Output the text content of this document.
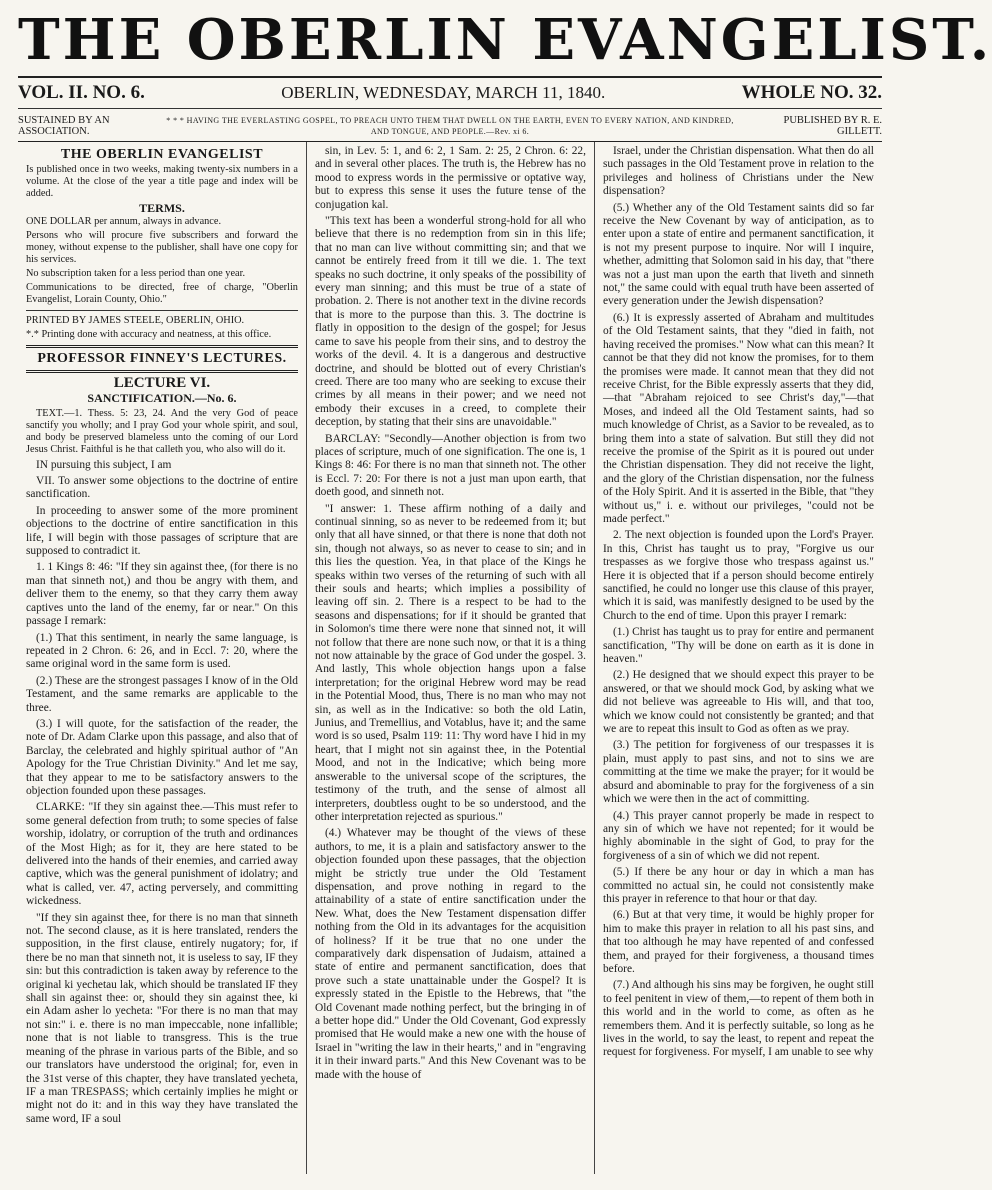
THE OBERLIN EVANGELIST.
VOL. II. NO. 6.	OBERLIN, WEDNESDAY, MARCH 11, 1840.	WHOLE NO. 32.
SUSTAINED BY AN ASSOCIATION.
* * * HAVING THE EVERLASTING GOSPEL, TO PREACH UNTO THEM THAT DWELL ON THE EARTH, EVEN TO EVERY NATION, AND KINDRED, AND TONGUE, AND PEOPLE.—Rev. xi 6.
PUBLISHED BY R. E. GILLETT.
THE OBERLIN EVANGELIST

Is published once in two weeks, making twenty-six numbers in a volume. At the close of the year a title page and index will be added.

TERMS.

ONE DOLLAR per annum, always in advance.

Persons who will procure five subscribers and forward the money, without expense to the publisher, shall have one copy for his services.

No subscription taken for a less period than one year.

Communications to be directed, free of charge, "Oberlin Evangelist, Lorain County, Ohio."

PRINTED BY JAMES STEELE, OBERLIN, OHIO.

*.* Printing done with accuracy and neatness, at this office.

PROFESSOR FINNEY'S LECTURES.
LECTURE VI.
SANCTIFICATION.—No. 6.

TEXT.—1. Thess. 5: 23, 24. And the very God of peace sanctify you wholly; and I pray God your whole spirit, and soul, and body be preserved blameless unto the coming of our Lord Jesus Christ. Faithful is he that calleth you, who also will do it.

IN pursuing this subject, I am

VII. To answer some objections to the doctrine of entire sanctification.

In proceeding to answer some of the more prominent objections to the doctrine of entire sanctification in this life, I will begin with those passages of scripture that are supposed to contradict it.

1. 1 Kings 8: 46: "If they sin against thee, (for there is no man that sinneth not,) and thou be angry with them, and deliver them to the enemy, so that they carry them away captives unto the land of the enemy, far or near." On this passage I remark:

(1.) That this sentiment, in nearly the same language, is repeated in 2 Chron. 6: 26, and in Eccl. 7: 20, where the same original word in the same form is used.

(2.) These are the strongest passages I know of in the Old Testament, and the same remarks are applicable to the three.

(3.) I will quote, for the satisfaction of the reader, the note of Dr. Adam Clarke upon this passage, and also that of Barclay, the celebrated and highly spiritual author of "An Apology for the True Christian Divinity." And let me say, that they appear to me to be satisfactory answers to the objection founded upon these passages.

CLARKE: "If they sin against thee.—This must refer to some general defection from truth; to some species of false worship, idolatry, or corruption of the truth and ordinances of the Most High; as for it, they are here stated to be delivered into the hands of their enemies, and carried away captive, which was the general punishment of idolatry; and what is called, ver. 47, acting perversely, and committing wickedness.

"If they sin against thee, for there is no man that sinneth not. The second clause, as it is here translated, renders the supposition, in the first clause, entirely nugatory; for, if there be no man that sinneth not, it is useless to say, IF they sin: but this contradiction is taken away by reference to the original ki yechetau lak, which should be translated IF they shall sin against thee: or, should they sin against thee, ki ein Adam asher lo yecheta: "For there is no man that may not sin:" i. e. there is no man impeccable, none infallible; none that is not liable to transgress. This is the true meaning of the phrase in various parts of the Bible, and so our translators have understood the original; for, even in the 31st verse of this chapter, they have translated yecheta, IF a man TRESPASS; which certainly implies he might or might not do it: and in this way they have translated the same word, IF a soul

sin, in Lev. 5: 1, and 6: 2, 1 Sam. 2: 25, 2 Chron. 6: 22, and in several other places. The truth is, the Hebrew has no mood to express words in the permissive or optative way, but to express this sense it uses the future tense of the conjugation kal.

"This text has been a wonderful strong-hold for all who believe that there is no redemption from sin in this life; that no man can live without committing sin; and that we cannot be entirely freed from it till we die. 1. The text speaks no such doctrine, it only speaks of the possibility of every man sinning; and this must be true of a state of probation. 2. There is not another text in the divine records that is more to the purpose than this. 3. The doctrine is flatly in opposition to the design of the gospel; for Jesus came to save his people from their sins, and to destroy the works of the devil. 4. It is a dangerous and destructive doctrine, and should be blotted out of every Christian's creed. There are too many who are seeking to excuse their crimes by all means in their power; and we need not embody their excuses in a creed, to complete their deception, by stating that their sins are unavoidable."

BARCLAY: "Secondly—Another objection is from two places of scripture, much of one signification. The one is, 1 Kings 8: 46: For there is no man that sinneth not. The other is Eccl. 7: 20: For there is not a just man upon earth, that doeth good, and sinneth not.

"I answer: 1. These affirm nothing of a daily and continual sinning, so as never to be redeemed from it; but only that all have sinned, or that there is none that doth not sin, though not always, so as never to cease to sin; and in this lies the question. Yea, in that place of the Kings he speaks within two verses of the returning of such with all their souls and hearts; which implies a possibility of leaving off sin. 2. There is a respect to be had to the seasons and dispensations; for if it should be granted that in Solomon's time there were none that sinned not, it will not follow that there are none such now, or that it is a thing not now attainable by the grace of God under the gospel. 3. And lastly, This whole objection hangs upon a false interpretation; for the original Hebrew word may be read in the Potential Mood, thus, There is no man who may not sin, as well as in the Indicative: so both the old Latin, Junius, and Tremellius, and Votablus, have it; and the same word is so used, Psalm 119: 11: Thy word have I hid in my heart, that I might not sin against thee, in the Potential Mood, and not in the Indicative; which being more answerable to the universal scope of the scriptures, the testimony of the truth, and the sense of almost all interpreters, doubtless ought to be so understood, and the other interpretation rejected as spurious."

(4.) Whatever may be thought of the views of these authors, to me, it is a plain and satisfactory answer to the objection founded upon these passages, that the objection might be strictly true under the Old Testament dispensation, and prove nothing in regard to the attainability of a state of entire sanctification under the New. What, does the New Testament dispensation differ nothing from the Old in its advantages for the acquisition of holiness? If it be true that no one under the comparatively dark dispensation of Judaism, attained a state of entire and permanent sanctification, does that prove such a state unattainable under the Gospel? It is expressly stated in the Epistle to the Hebrews, that "the Old Covenant made nothing perfect, but the bringing in of a better hope did." Under the Old Covenant, God expressly promised that He would make a new one with the house of Israel in "writing the law in their hearts," and in "engraving it in their inward parts." And this New Covenant was to be made with the house of

Israel, under the Christian dispensation. What then do all such passages in the Old Testament prove in relation to the privileges and holiness of Christians under the New dispensation?

(5.) Whether any of the Old Testament saints did so far receive the New Covenant by way of anticipation, as to enter upon a state of entire and permanent sanctification, it is not my present purpose to inquire. Nor will I inquire, whether, admitting that Solomon said in his day, that "there was not a just man upon the earth that liveth and sinneth not," the same could with equal truth have been asserted of every generation under the Jewish dispensation?

(6.) It is expressly asserted of Abraham and multitudes of the Old Testament saints, that they "died in faith, not having received the promises." Now what can this mean? It cannot be that they did not know the promises, for to them the promises were made. It cannot mean that they did not receive Christ, for the Bible expressly asserts that they did,—that "Abraham rejoiced to see Christ's day,"—that Moses, and indeed all the Old Testament saints, had so much knowledge of Christ, as a Savior to be revealed, as to bring them into a state of salvation. But still they did not receive the promise of the Spirit as it is poured out under the Christian dispensation. They did not receive the light, and the glory of the Christian dispensation, nor the fulness of the Holy Spirit. And it is asserted in the Bible, that "they without us," i. e. without our privileges, "could not be made perfect."

2. The next objection is founded upon the Lord's Prayer. In this, Christ has taught us to pray, "Forgive us our trespasses as we forgive those who trespass against us." Here it is objected that if a person should become entirely sanctified, he could no longer use this clause of this prayer, which it is said, was manifestly designed to be used by the Church to the end of time. Upon this prayer I remark:

(1.) Christ has taught us to pray for entire and permanent sanctification, "Thy will be done on earth as it is done in heaven."

(2.) He designed that we should expect this prayer to be answered, or that we should mock God, by asking what we did not believe was agreeable to His will, and that too, which we know could not consistently be granted; and that we are to repeat this insult to God as often as we pray.

(3.) The petition for forgiveness of our trespasses it is plain, must apply to past sins, and not to sins we are committing at the time we make the prayer; for it would be absurd and abominable to pray for the forgiveness of a sin which we were then in the act of committing.

(4.) This prayer cannot properly be made in respect to any sin of which we have not repented; for it would be highly abominable in the sight of God, to pray for the forgiveness of a sin of which we did not repent.

(5.) If there be any hour or day in which a man has committed no actual sin, he could not consistently make this prayer in reference to that hour or that day.

(6.) But at that very time, it would be highly proper for him to make this prayer in relation to all his past sins, and that too although he may have repented of and confessed them, and prayed for their forgiveness, a thousand times before.

(7.) And although his sins may be forgiven, he ought still to feel penitent in view of them,—to repent of them both in this world and in the world to come, as often as he remembers them. And it is perfectly suitable, so long as he lives in the world, to say the least, to repent and repeat the request for forgiveness. For myself, I am unable to see why
